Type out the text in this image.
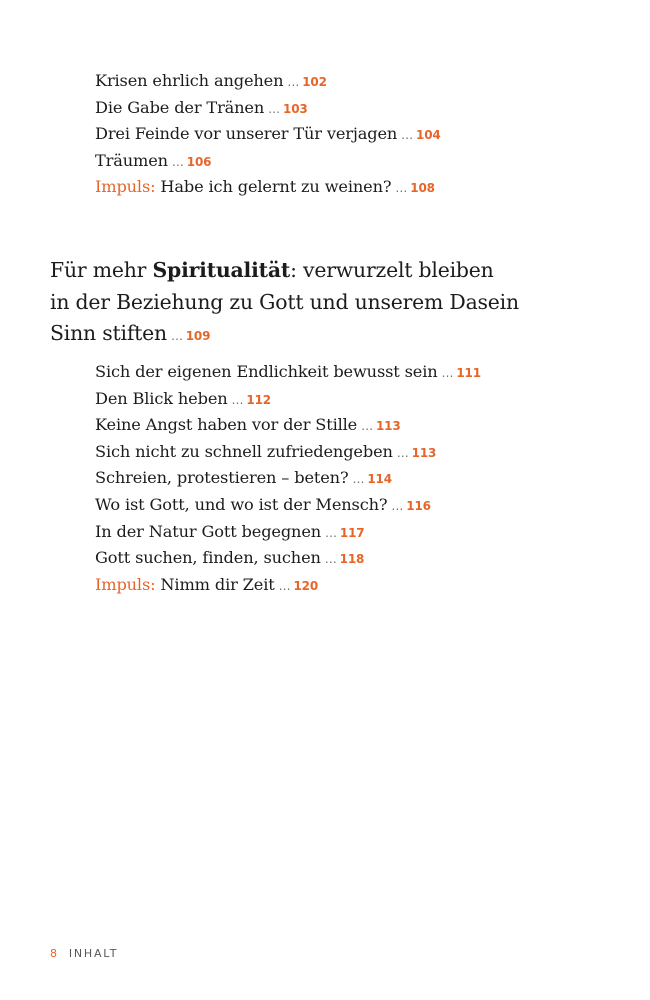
Krisen ehrlich angehen … 102
Die Gabe der Tränen … 103
Drei Feinde vor unserer Tür verjagen … 104
Träumen … 106
Impuls: Habe ich gelernt zu weinen? … 108
Für mehr Spiritualität: verwurzelt bleiben
in der Beziehung zu Gott und unserem Dasein
Sinn stiften … 109
Sich der eigenen Endlichkeit bewusst sein … 111
Den Blick heben … 112
Keine Angst haben vor der Stille … 113
Sich nicht zu schnell zufriedengeben … 113
Schreien, protestieren – beten? … 114
Wo ist Gott, und wo ist der Mensch? … 116
In der Natur Gott begegnen … 117
Gott suchen, finden, suchen … 118
Impuls: Nimm dir Zeit … 120
8 INHALT
